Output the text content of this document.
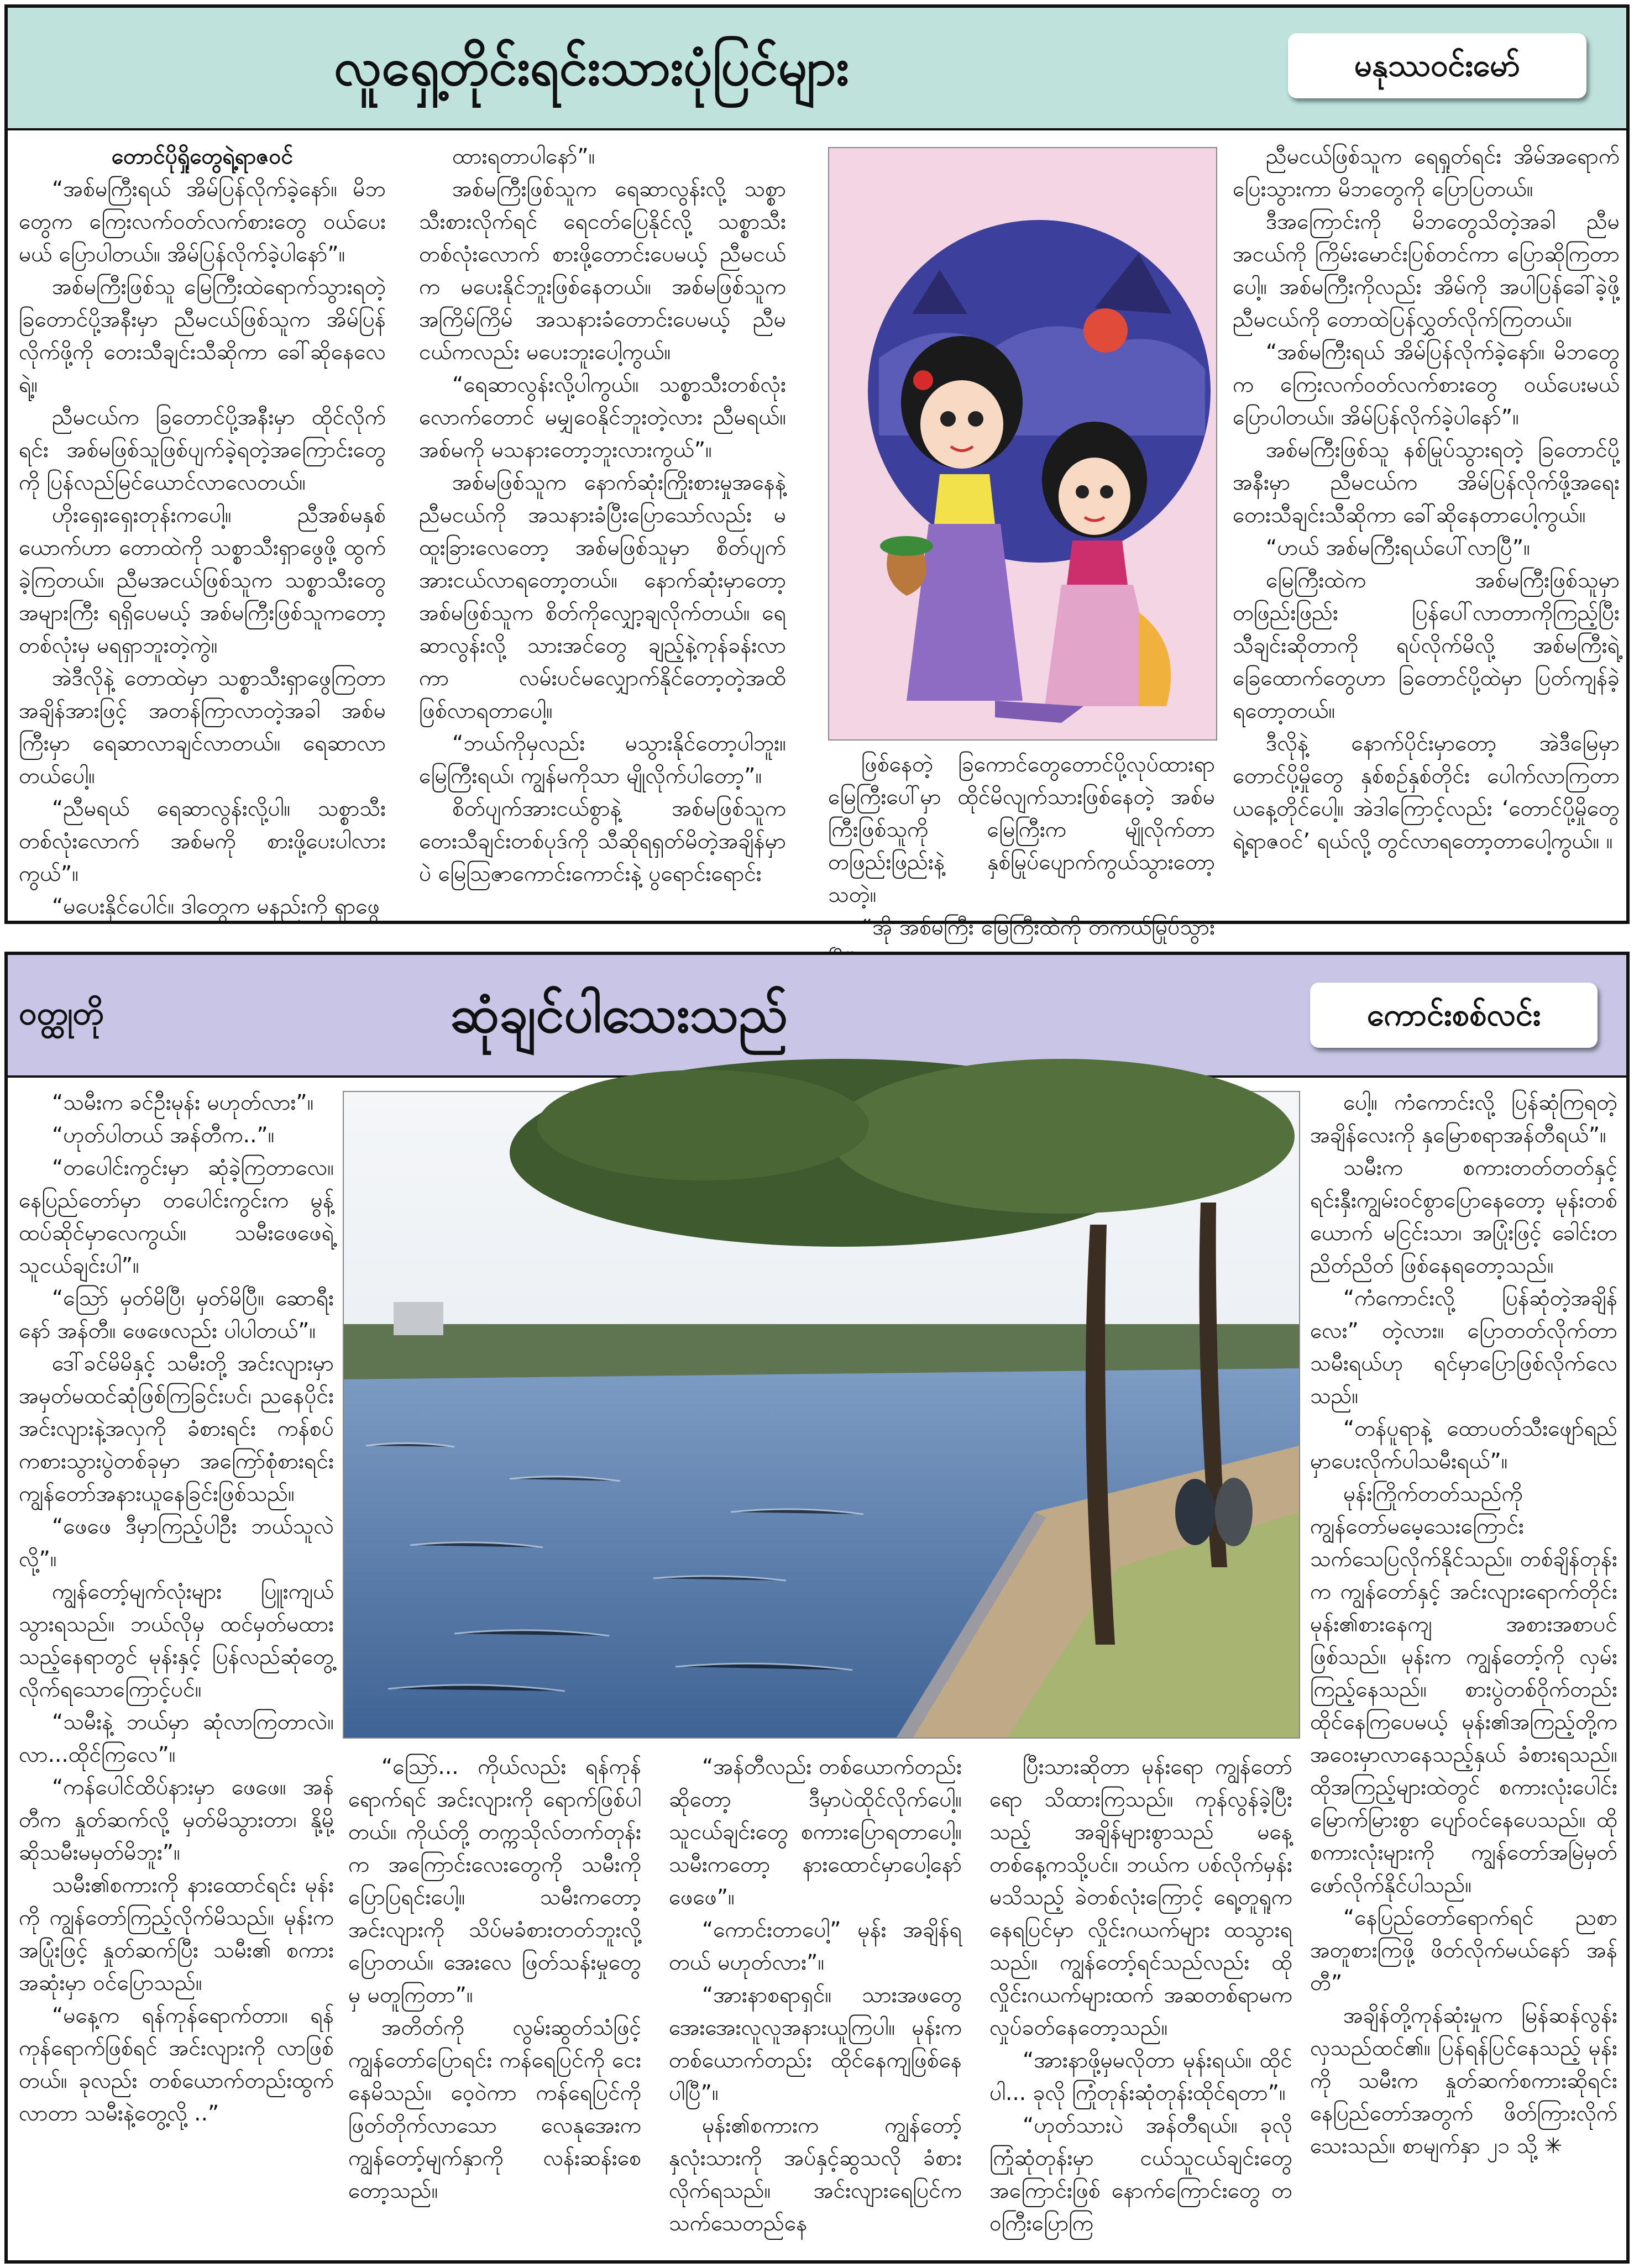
လူရှေ့တိုင်းရင်းသားပုံပြင်များ	မနုဿဝင်းမော်

တောင်ပိုရှိုတွေရဲ့ရာဇဝင်

“အစ်မကြီးရယ် အိမ်ပြန်လိုက်ခဲ့နော်။ မိဘတွေက ကြေးလက်ဝတ်လက်စားတွေ ဝယ်ပေးမယ် ပြောပါတယ်။ အိမ်ပြန်လိုက်ခဲ့ပါနော်”။

အစ်မကြီးဖြစ်သူ မြေကြီးထဲရောက်သွားရတဲ့ ခြတောင်ပို့အနီးမှာ ညီမငယ်ဖြစ်သူက အိမ်ပြန်လိုက်ဖို့ကို တေးသီချင်းသီဆိုကာ ခေါ်ဆိုနေလေရဲ့။

ညီမငယ်က ခြတောင်ပို့အနီးမှာ ထိုင်လိုက်ရင်း အစ်မဖြစ်သူဖြစ်ပျက်ခဲ့ရတဲ့အကြောင်းတွေကို ပြန်လည်မြင်ယောင်လာလေတယ်။

ဟိုးရှေးရှေးတုန်းကပေါ့။ ညီအစ်မနှစ်ယောက်ဟာ တောထဲကို သစ္စာသီးရှာဖွေဖို့ ထွက်ခဲ့ကြတယ်။ ညီမအငယ်ဖြစ်သူက သစ္စာသီးတွေအများကြီး ရရှိပေမယ့် အစ်မကြီးဖြစ်သူကတော့ တစ်လုံးမှ မရရှာဘူးတဲ့ကွဲ။

အဲဒီလိုနဲ့ တောထဲမှာ သစ္စာသီးရှာဖွေကြတာ အချိန်အားဖြင့် အတန်ကြာလာတဲ့အခါ အစ်မကြီးမှာ ရေဆာလာချင်လာတယ်။ ရေဆာလာတယ်ပေါ့။

“ညီမရယ် ရေဆာလွန်းလို့ပါ။ သစ္စာသီးတစ်လုံးလောက် အစ်မကို စားဖို့ပေးပါလားကွယ်”။

“မပေးနိုင်ပေါင်။ ဒါတွေက မနည်းကို ရှာဖွေ

ထားရတာပါနော်”။

အစ်မကြီးဖြစ်သူက ရေဆာလွန်းလို့ သစ္စာသီးစားလိုက်ရင် ရေငတ်ပြေနိုင်လို့ သစ္စာသီးတစ်လုံးလောက် စားဖို့တောင်းပေမယ့် ညီမငယ်က မပေးနိုင်ဘူးဖြစ်နေတယ်။ အစ်မဖြစ်သူက အကြိမ်ကြိမ် အသနားခံတောင်းပေမယ့် ညီမငယ်ကလည်း မပေးဘူးပေါ့ကွယ်။

“ရေဆာလွန်းလို့ပါကွယ်။ သစ္စာသီးတစ်လုံးလောက်တောင် မမျှဝေနိုင်ဘူးတဲ့လား ညီမရယ်။ အစ်မကို မသနားတော့ဘူးလားကွယ်”။

အစ်မဖြစ်သူက နောက်ဆုံးကြိုးစားမှုအနေနဲ့ ညီမငယ်ကို အသနားခံပြီးပြောသော်လည်း မထူးခြားလေတော့ အစ်မဖြစ်သူမှာ စိတ်ပျက်အားငယ်လာရတော့တယ်။ နောက်ဆုံးမှာတော့ အစ်မဖြစ်သူက စိတ်ကိုလျှော့ချလိုက်တယ်။ ရေဆာလွန်းလို့ သားအင်တွေ ချည့်နဲ့ကုန်ခန်းလာကာ လမ်းပင်မလျှောက်နိုင်တော့တဲ့အထိ ဖြစ်လာရတာပေါ့။

“ဘယ်ကိုမှလည်း မသွားနိုင်တော့ပါဘူး။ မြေကြီးရယ်၊ ကျွန်မကိုသာ မျိုလိုက်ပါတော့”။

စိတ်ပျက်အားငယ်စွာနဲ့ အစ်မဖြစ်သူက တေးသီချင်းတစ်ပုဒ်ကို သီဆိုရရှတ်မိတဲ့အချိန်မှာပဲ မြေသြဇာကောင်းကောင်းနဲ့ ပွရောင်းရောင်း

ဖြစ်နေတဲ့ ခြကောင်တွေတောင်ပို့လုပ်ထားရာ မြေကြီးပေါ်မှာ ထိုင်မိလျက်သားဖြစ်နေတဲ့ အစ်မကြီးဖြစ်သူကို မြေကြီးက မျိုလိုက်တာ တဖြည်းဖြည်းနဲ့ နှစ်မြုပ်ပျောက်ကွယ်သွားတော့သတဲ့။

“အို အစ်မကြီး မြေကြီးထဲကို တကယ်မြုပ်သွား

ညီမငယ်ဖြစ်သူက ရေရှုတ်ရင်း အိမ်အရောက်ပြေးသွားကာ မိဘတွေကို ပြောပြတယ်။

ဒီအကြောင်းကို မိဘတွေသိတဲ့အခါ ညီမအငယ်ကို ကြိမ်းမောင်းပြစ်တင်ကာ ပြောဆိုကြတာပေါ့။ အစ်မကြီးကိုလည်း အိမ်ကို အပါပြန်ခေါ်ခဲ့ဖို့ ညီမငယ်ကို တောထဲပြန်လွှတ်လိုက်ကြတယ်။

“အစ်မကြီးရယ် အိမ်ပြန်လိုက်ခဲ့နော်။ မိဘတွေက ကြေးလက်ဝတ်လက်စားတွေ ဝယ်ပေးမယ် ပြောပါတယ်။ အိမ်ပြန်လိုက်ခဲ့ပါနော်”။

အစ်မကြီးဖြစ်သူ နစ်မြုပ်သွားရတဲ့ ခြတောင်ပို့အနီးမှာ ညီမငယ်က အိမ်ပြန်လိုက်ဖို့အရေး တေးသီချင်းသီဆိုကာ ခေါ်ဆိုနေတာပေါ့ကွယ်။

“ဟယ် အစ်မကြီးရယ်ပေါ်လာပြီ”။

မြေကြီးထဲက အစ်မကြီးဖြစ်သူမှာ တဖြည်းဖြည်း ပြန်ပေါ်လာတာကိုကြည့်ပြီး သီချင်းဆိုတာကို ရပ်လိုက်မိလို့ အစ်မကြီးရဲ့ခြေထောက်တွေဟာ ခြတောင်ပို့ထဲမှာ ပြတ်ကျန်ခဲ့ရတော့တယ်။

ဒီလိုနဲ့ နောက်ပိုင်းမှာတော့ အဲဒီမြေမှာ တောင်ပို့မှိုတွေ နှစ်စဉ်နှစ်တိုင်း ပေါက်လာကြတာ ယနေ့တိုင်ပေါ့။ အဲဒါကြောင့်လည်း ‘တောင်ပို့မှိုတွေရဲ့ရာဇဝင်’ ရယ်လို့ တွင်လာရတော့တာပေါ့ကွယ်။ ။

ဝတ္ထုတို	ဆုံချင်ပါသေးသည်	ကောင်းစစ်လင်း

“သမီးက ခင်ဦးမုန်း မဟုတ်လား”။

“ဟုတ်ပါတယ် အန်တီက..”။

“တပေါင်းကွင်းမှာ ဆုံခဲ့ကြတာလေ။ နေပြည်တော်မှာ တပေါင်းကွင်းက မွန့်ထပ်ဆိုင်မှာလေကွယ်။ သမီးဖေဖေရဲ့သူငယ်ချင်းပါ”။

“သြော် မှတ်မိပြီ၊ မှတ်မိပြီ။ ဆောရီးနော် အန်တီ။ ဖေဖေလည်း ပါပါတယ်”။

ဒေါ်ခင်မိမိနှင့် သမီးတို့ အင်းလျားမှာ အမှတ်မထင်ဆုံဖြစ်ကြခြင်းပင်၊ ညနေပိုင်း အင်းလျားနဲ့အလှကို ခံစားရင်း ကန်စပ်ကစားသွားပွဲတစ်ခုမှာ အကြော်စုံစားရင်း ကျွန်တော်အနားယူနေခြင်းဖြစ်သည်။

“ဖေဖေ ဒီမှာကြည့်ပါဦး ဘယ်သူလဲလို့”။

ကျွန်တော့်မျက်လုံးများ ပြူးကျယ်သွားရသည်။ ဘယ်လိုမှ ထင်မှတ်မထားသည့်နေရာတွင် မုန်းနှင့် ပြန်လည်ဆုံတွေ့လိုက်ရသောကြောင့်ပင်။

“သမီးနဲ့ ဘယ်မှာ ဆုံလာကြတာလဲ။ လာ...ထိုင်ကြလေ”။

“ကန်ပေါင်ထိပ်နားမှာ ဖေဖေ။ အန်တီက နှုတ်ဆက်လို့ မှတ်မိသွားတာ၊ နို့မို့ဆိုသမီးမမှတ်မိဘူး”။

သမီး၏စကားကို နားထောင်ရင်း မုန်းကို ကျွန်တော်ကြည့်လိုက်မိသည်။ မုန်းက အပြုံးဖြင့် နှုတ်ဆက်ပြီး သမီး၏ စကားအဆုံးမှာ ဝင်ပြောသည်။

“မနေ့က ရန်ကုန်ရောက်တာ။ ရန်ကုန်ရောက်ဖြစ်ရင် အင်းလျားကို လာဖြစ်တယ်။ ခုလည်း တစ်ယောက်တည်းထွက်လာတာ သမီးနဲ့တွေ့လို့ ..”

“သြော်... ကိုယ်လည်း ရန်ကုန်ရောက်ရင် အင်းလျားကို ရောက်ဖြစ်ပါတယ်။ ကိုယ်တို့ တက္ကသိုလ်တက်တုန်းက အကြောင်းလေးတွေကို သမီးကို ပြောပြရင်းပေါ့။ သမီးကတော့ အင်းလျားကို သိပ်မခံစားတတ်ဘူးလို့ ပြောတယ်။ အေးလေ ဖြတ်သန်းမှုတွေမှ မတူကြတာ”။

အတိတ်ကို လွမ်းဆွတ်သံဖြင့် ကျွန်တော်ပြောရင်း ကန်ရေပြင်ကို ငေးနေမိသည်။ ဝေ့ဝဲကာ ကန်ရေပြင်ကို ဖြတ်တိုက်လာသော လေနုအေးက ကျွန်တော့်မျက်နှာကို လန်းဆန်းစေတော့သည်။

“အန်တီလည်း တစ်ယောက်တည်းဆိုတော့ ဒီမှာပဲထိုင်လိုက်ပေါ့။ သူငယ်ချင်းတွေ စကားပြောရတာပေါ့။ သမီးကတော့ နားထောင်မှာပေါ့နော် ဖေဖေ”။

“ကောင်းတာပေါ့” မုန်း အချိန်ရတယ် မဟုတ်လား”။

“အားနာစရာရှင်။ သားအဖတွေ အေးအေးလူလူအနားယူကြပါ။ မုန်းက တစ်ယောက်တည်း ထိုင်နေကျဖြစ်နေပါပြီ”။

မုန်း၏စကားက ကျွန်တော့်နှလုံးသားကို အပ်နှင့်ဆွသလို ခံစားလိုက်ရသည်။ အင်းလျားရေပြင်က သက်သေတည်နေ

ပြီးသားဆိုတာ မုန်းရော ကျွန်တော်ရော သိထားကြသည်။ ကုန်လွန်ခဲ့ပြီးသည့် အချိန်များစွာသည် မနေ့တစ်နေ့ကသို့ပင်။ ဘယ်က ပစ်လိုက်မှန်းမသိသည့် ခဲတစ်လုံးကြောင့် ရေ့တူရူကနေရပြင်မှာ လှိုင်းဂယက်များ ထသွားရသည်။ ကျွန်တော့်ရင်သည်လည်း ထိုလှိုင်းဂယက်များထက် အဆတစ်ရာမက လှုပ်ခတ်နေတော့သည်။

“အားနာဖို့မှမလိုတာ မုန်းရယ်။ ထိုင်ပါ... ခုလို ကြုံတုန်းဆုံတုန်းထိုင်ရတာ”။

“ဟုတ်သားပဲ အန်တီရယ်။ ခုလို ကြုံဆုံတုန်းမှာ ငယ်သူငယ်ချင်းတွေ အကြောင်းဖြစ် နောက်ကြောင်းတွေ တဝကြီးပြောကြ

ပေါ့။ ကံကောင်းလို့ ပြန်ဆုံကြရတဲ့အချိန်လေးကို နှမြောစရာအန်တီရယ်”။

သမီးက စကားတတ်တတ်နှင့် ရင်းနှီးကျွမ်းဝင်စွာပြောနေတော့ မုန်းတစ်ယောက် မငြင်းသာ၊ အပြုံးဖြင့် ခေါင်းတညိတ်ညိတ် ဖြစ်နေရတော့သည်။

“ကံကောင်းလို့ ပြန်ဆုံတဲ့အချိန်လေး” တဲ့လား။ ပြောတတ်လိုက်တာ သမီးရယ်ဟု ရင်မှာပြောဖြစ်လိုက်လေသည်။

“တန်ပူရာနဲ့ ထောပတ်သီးဖျော်ရည်မှာပေးလိုက်ပါသမီးရယ်”။

မုန်းကြိုက်တတ်သည်ကို ကျွန်တော်မမေ့သေးကြောင်း သက်သေပြလိုက်နိုင်သည်။ တစ်ချိန်တုန်းက ကျွန်တော်နှင့် အင်းလျားရောက်တိုင်း မုန်း၏စားနေကျ အစားအစာပင်ဖြစ်သည်။ မုန်းက ကျွန်တော့်ကို လှမ်းကြည့်နေသည်။ စားပွဲတစ်ဝိုက်တည်း ထိုင်နေကြပေမယ့် မုန်း၏အကြည့်တို့က အဝေးမှာလာနေသည့်နှယ် ခံစားရသည်။ ထိုအကြည့်များထဲတွင် စကားလုံးပေါင်းမြောက်မြားစွာ ပျော်ဝင်နေပေသည်။ ထိုစကားလုံးများကို ကျွန်တော်အမြဲမှတ်ဖော်လိုက်နိုင်ပါသည်။

“နေပြည်တော်ရောက်ရင် ညစာအတူစားကြဖို့ ဖိတ်လိုက်မယ်နော် အန်တီ”

အချိန်တို့ကုန်ဆုံးမှုက မြန်ဆန်လွန်းလှသည်ထင်၏။ ပြန်ရန်ပြင်နေသည့် မုန်းကို သမီးက နှုတ်ဆက်စကားဆိုရင်း နေပြည်တော်အတွက် ဖိတ်ကြားလိုက်သေးသည်။ စာမျက်နှာ ၂၁ သို့ ✳
